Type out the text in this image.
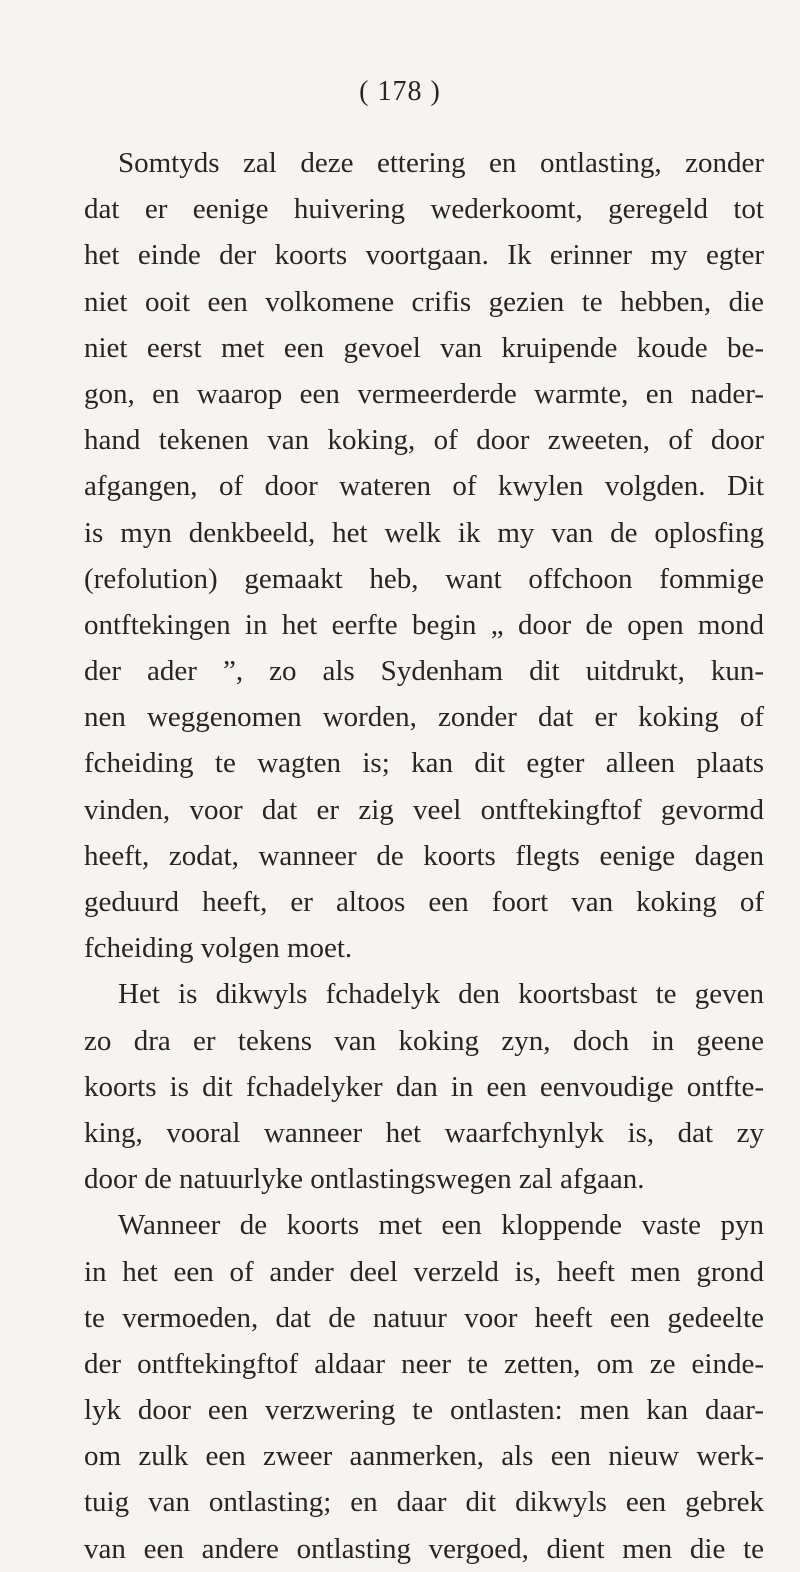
( 178 )
Somtyds zal deze ettering en ontlasting, zonder
dat er eenige huivering wederkoomt, geregeld tot
het einde der koorts voortgaan. Ik erinner my egter
niet ooit een volkomene crifis gezien te hebben, die
niet eerst met een gevoel van kruipende koude be-
gon, en waarop een vermeerderde warmte, en nader-
hand tekenen van koking, of door zweeten, of door
afgangen, of door wateren of kwylen volgden. Dit
is myn denkbeeld, het welk ik my van de oplosfing
(refolution) gemaakt heb, want offchoon fommige
ontftekingen in het eerfte begin „ door de open mond
der ader ”, zo als Sydenham dit uitdrukt, kun-
nen weggenomen worden, zonder dat er koking of
fcheiding te wagten is; kan dit egter alleen plaats
vinden, voor dat er zig veel ontftekingftof gevormd
heeft, zodat, wanneer de koorts flegts eenige dagen
geduurd heeft, er altoos een foort van koking of
fcheiding volgen moet.
Het is dikwyls fchadelyk den koortsbast te geven
zo dra er tekens van koking zyn, doch in geene
koorts is dit fchadelyker dan in een eenvoudige ontfte-
king, vooral wanneer het waarfchynlyk is, dat zy
door de natuurlyke ontlastingswegen zal afgaan.
Wanneer de koorts met een kloppende vaste pyn
in het een of ander deel verzeld is, heeft men grond
te vermoeden, dat de natuur voor heeft een gedeelte
der ontftekingftof aldaar neer te zetten, om ze einde-
lyk door een verzwering te ontlasten: men kan daar-
om zulk een zweer aanmerken, als een nieuw werk-
tuig van ontlasting; en daar dit dikwyls een gebrek
van een andere ontlasting vergoed, dient men die te
